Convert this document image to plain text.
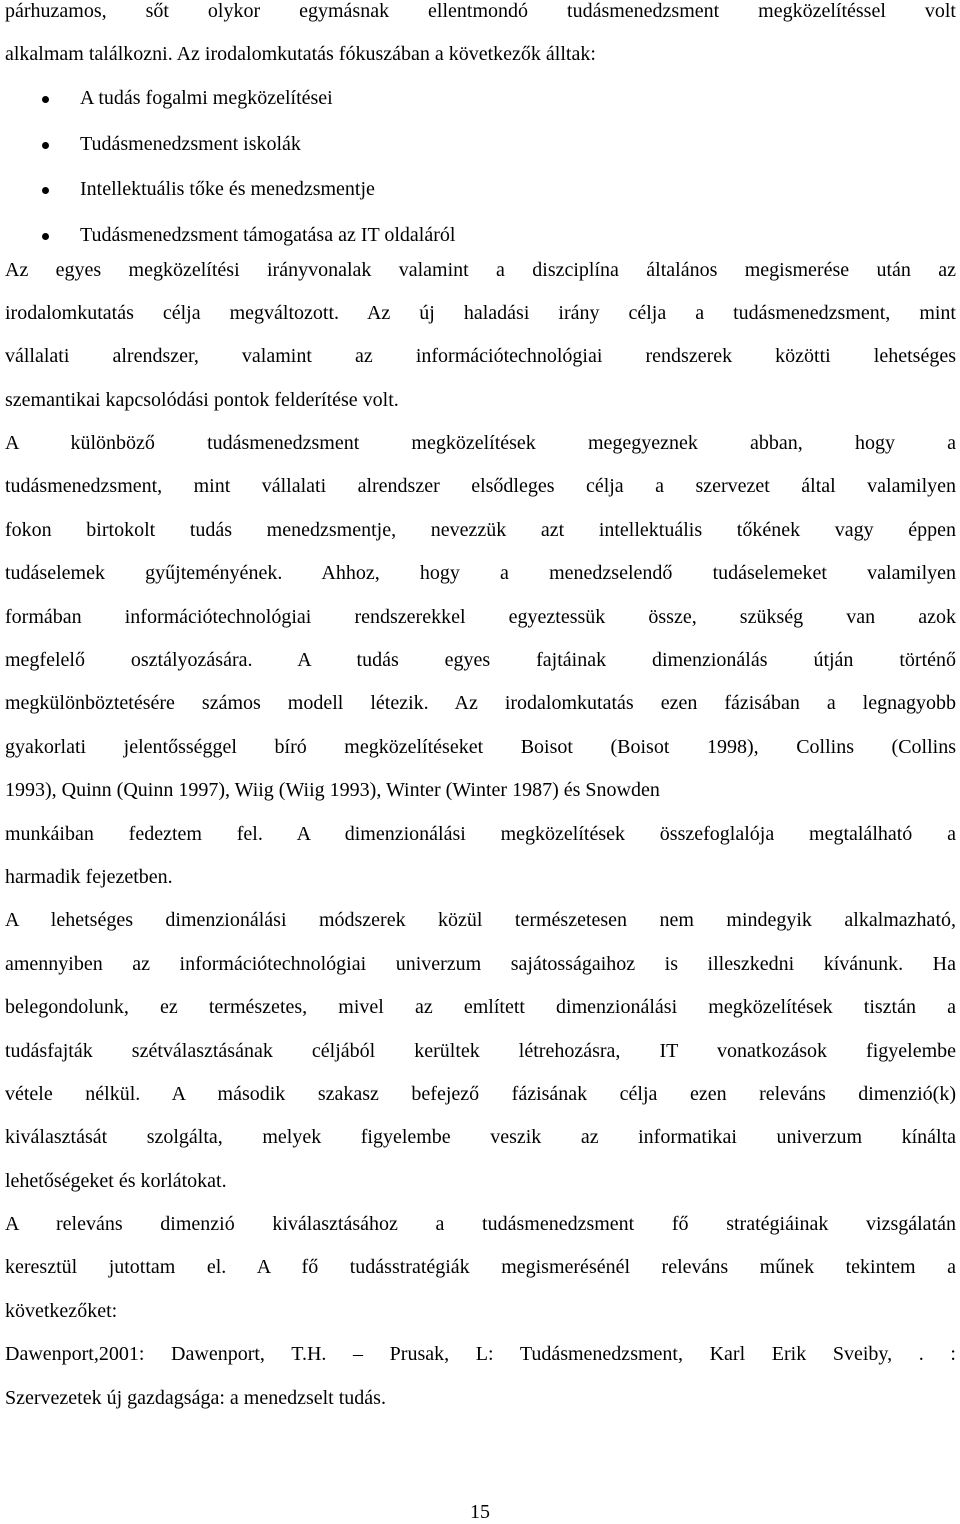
párhuzamos, sőt olykor egymásnak ellentmondó tudásmenedzsment megközelítéssel volt
alkalmam találkozni. Az irodalomkutatás fókuszában a következők álltak:
A tudás fogalmi megközelítései
Tudásmenedzsment iskolák
Intellektuális tőke és menedzsmentje
Tudásmenedzsment támogatása az IT oldaláról
Az egyes megközelítési irányvonalak valamint a diszciplína általános megismerése után az
irodalomkutatás célja megváltozott. Az új haladási irány célja a tudásmenedzsment, mint
vállalati alrendszer, valamint az információtechnológiai rendszerek közötti lehetséges
szemantikai kapcsolódási pontok felderítése volt.
A különböző tudásmenedzsment megközelítések megegyeznek abban, hogy a
tudásmenedzsment, mint vállalati alrendszer elsődleges célja a szervezet által valamilyen
fokon birtokolt tudás menedzsmentje, nevezzük azt intellektuális tőkének vagy éppen
tudáselemek gyűjteményének. Ahhoz, hogy a menedzselendő tudáselemeket valamilyen
formában információtechnológiai rendszerekkel egyeztessük össze, szükség van azok
megfelelő osztályozására. A tudás egyes fajtáinak dimenzionálás útján történő
megkülönböztetésére számos modell létezik. Az irodalomkutatás ezen fázisában a legnagyobb
gyakorlati jelentősséggel bíró megközelítéseket Boisot (Boisot 1998), Collins (Collins
1993), Quinn (Quinn 1997), Wiig (Wiig 1993), Winter (Winter 1987) és Snowden
munkáiban fedeztem fel. A dimenzionálási megközelítések összefoglalója megtalálható a
harmadik fejezetben.
A lehetséges dimenzionálási módszerek közül természetesen nem mindegyik alkalmazható,
amennyiben az információtechnológiai univerzum sajátosságaihoz is illeszkedni kívánunk. Ha
belegondolunk, ez természetes, mivel az említett dimenzionálási megközelítések tisztán a
tudásfajták szétválasztásának céljából kerültek létrehozásra, IT vonatkozások figyelembe
vétele nélkül. A második szakasz befejező fázisának célja ezen releváns dimenzió(k)
kiválasztását szolgálta, melyek figyelembe veszik az informatikai univerzum kínálta
lehetőségeket és korlátokat.
A releváns dimenzió kiválasztásához a tudásmenedzsment fő stratégiáinak vizsgálatán
keresztül jutottam el. A fő tudásstratégiák megismerésénél releváns műnek tekintem a
következőket:
Dawenport,2001: Dawenport, T.H. – Prusak, L: Tudásmenedzsment, Karl Erik Sveiby, . :
Szervezetek új gazdagsága: a menedzselt tudás.
15
